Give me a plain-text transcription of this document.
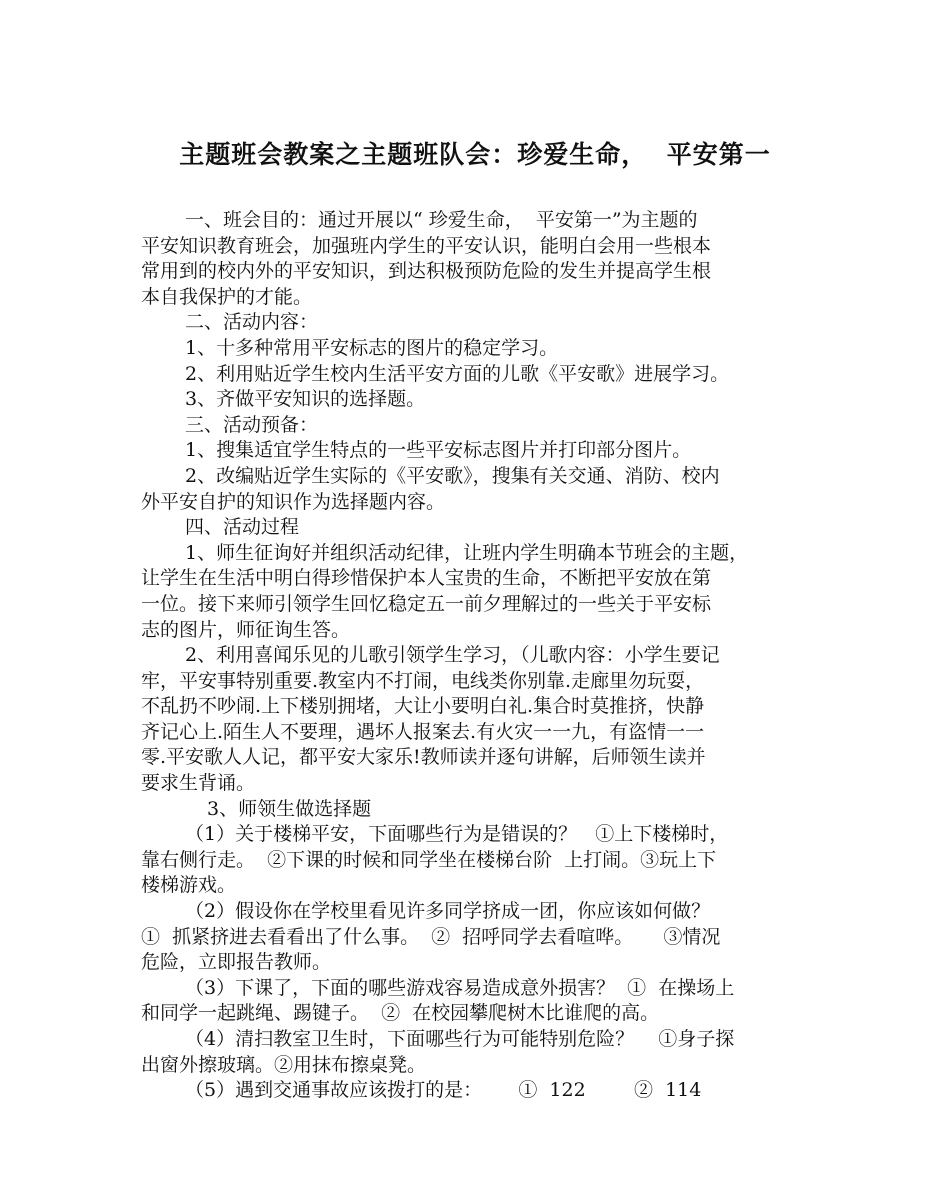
主题班会教案之主题班队会：珍爱生命，  平安第一
一、班会目的：通过开展以“ 珍爱生命，  平安第一”为主题的
平安知识教育班会，加强班内学生的平安认识，能明白会用一些根本
常用到的校内外的平安知识，到达积极预防危险的发生并提高学生根
本自我保护的才能。
二、活动内容：
1、十多种常用平安标志的图片的稳定学习。
2、利用贴近学生校内生活平安方面的儿歌《平安歌》进展学习。
3、齐做平安知识的选择题。
三、活动预备：
1、搜集适宜学生特点的一些平安标志图片并打印部分图片。
2、改编贴近学生实际的《平安歌》，搜集有关交通、消防、校内
外平安自护的知识作为选择题内容。
四、活动过程
1、师生征询好并组织活动纪律，让班内学生明确本节班会的主题，
让学生在生活中明白得珍惜保护本人宝贵的生命，不断把平安放在第
一位。接下来师引领学生回忆稳定五一前夕理解过的一些关于平安标
志的图片，师征询生答。
2、利用喜闻乐见的儿歌引领学生学习，（儿歌内容：小学生要记
牢，平安事特别重要.教室内不打闹，电线类你别靠.走廊里勿玩耍，
不乱扔不吵闹.上下楼别拥堵，大让小要明白礼.集合时莫推挤，快静
齐记心上.陌生人不要理，遇坏人报案去.有火灾一一九，有盗情一一
零.平安歌人人记，都平安大家乐!教师读并逐句讲解，后师领生读并
要求生背诵。
3、师领生做选择题
（1）关于楼梯平安，下面哪些行为是错误的？   ①上下楼梯时，
靠右侧行走。  ②下课的时候和同学坐在楼梯台阶  上打闹。③玩上下
楼梯游戏。
（2）假设你在学校里看见许多同学挤成一团，你应该如何做？
①  抓紧挤进去看看出了什么事。  ②  招呼同学去看喧哗。     ③情况
危险，立即报告教师。
（3）下课了，下面的哪些游戏容易造成意外损害？  ①  在操场上
和同学一起跳绳、踢键子。  ②  在校园攀爬树木比谁爬的高。
（4）清扫教室卫生时，下面哪些行为可能特别危险？    ①身子探
出窗外擦玻璃。②用抹布擦桌凳。
（5）遇到交通事故应该拨打的是：      ①  122        ②  114
